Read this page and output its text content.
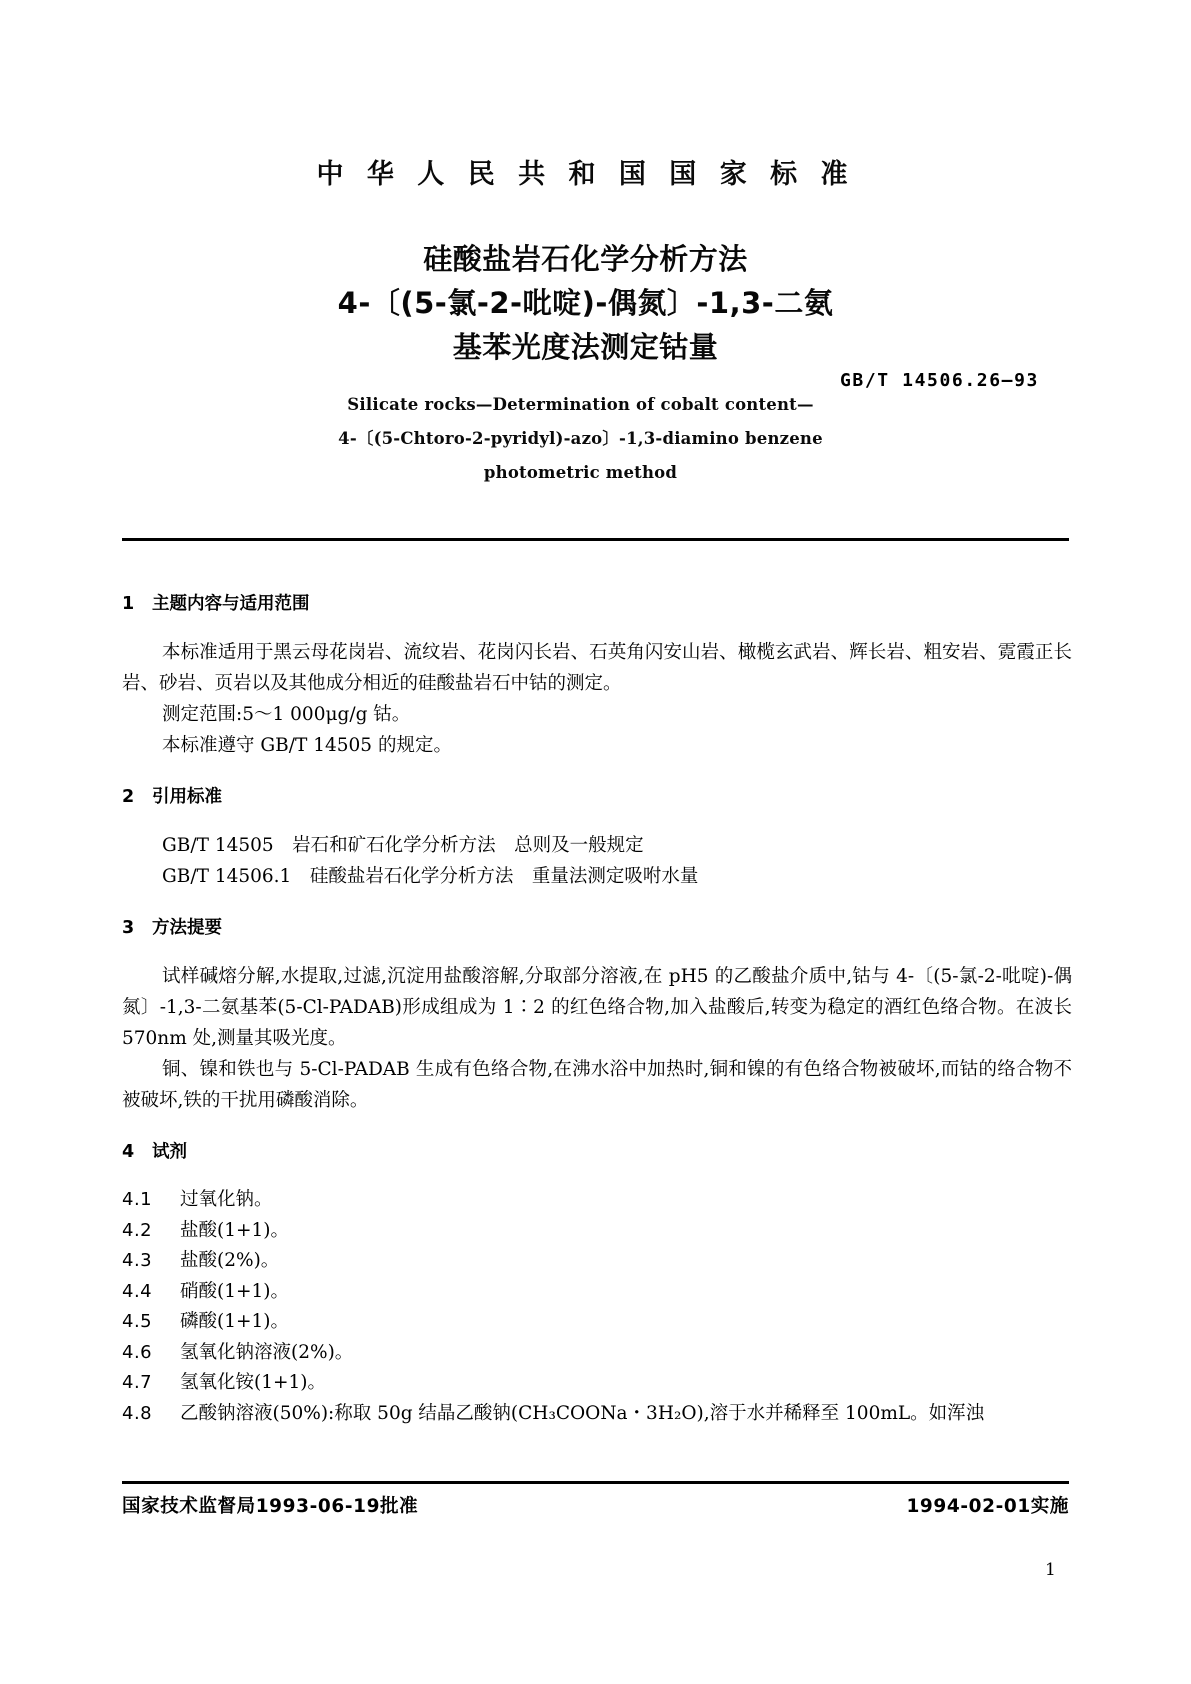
中 华 人 民 共 和 国 国 家 标 准
硅酸盐岩石化学分析方法
4-〔(5-氯-2-吡啶)-偶氮〕-1,3-二氨
基苯光度法测定钴量
GB/T 14506.26—93
Silicate rocks—Determination of cobalt content—
4-〔(5-Chtoro-2-pyridyl)-azo〕-1,3-diamino benzene
photometric method
1 主题内容与适用范围
本标准适用于黑云母花岗岩、流纹岩、花岗闪长岩、石英角闪安山岩、橄榄玄武岩、辉长岩、粗安岩、霓霞正长岩、砂岩、页岩以及其他成分相近的硅酸盐岩石中钴的测定。
测定范围:5～1 000μg/g 钴。
本标准遵守 GB/T 14505 的规定。
2 引用标准
GB/T 14505　岩石和矿石化学分析方法　总则及一般规定
GB/T 14506.1　硅酸盐岩石化学分析方法　重量法测定吸咐水量
3 方法提要
试样碱熔分解,水提取,过滤,沉淀用盐酸溶解,分取部分溶液,在 pH5 的乙酸盐介质中,钴与 4-〔(5-氯-2-吡啶)-偶氮〕-1,3-二氨基苯(5-Cl-PADAB)形成组成为 1∶2 的红色络合物,加入盐酸后,转变为稳定的酒红色络合物。在波长 570nm 处,测量其吸光度。
铜、镍和铁也与 5-Cl-PADAB 生成有色络合物,在沸水浴中加热时,铜和镍的有色络合物被破坏,而钴的络合物不被破坏,铁的干扰用磷酸消除。
4 试剂
4.1	过氧化钠。
4.2	盐酸(1+1)。
4.3	盐酸(2%)。
4.4	硝酸(1+1)。
4.5	磷酸(1+1)。
4.6	氢氧化钠溶液(2%)。
4.7	氢氧化铵(1+1)。
4.8	乙酸钠溶液(50%):称取 50g 结晶乙酸钠(CH₃COONa・3H₂O),溶于水并稀释至 100mL。如浑浊
国家技术监督局1993-06-19批准	1994-02-01实施
1
